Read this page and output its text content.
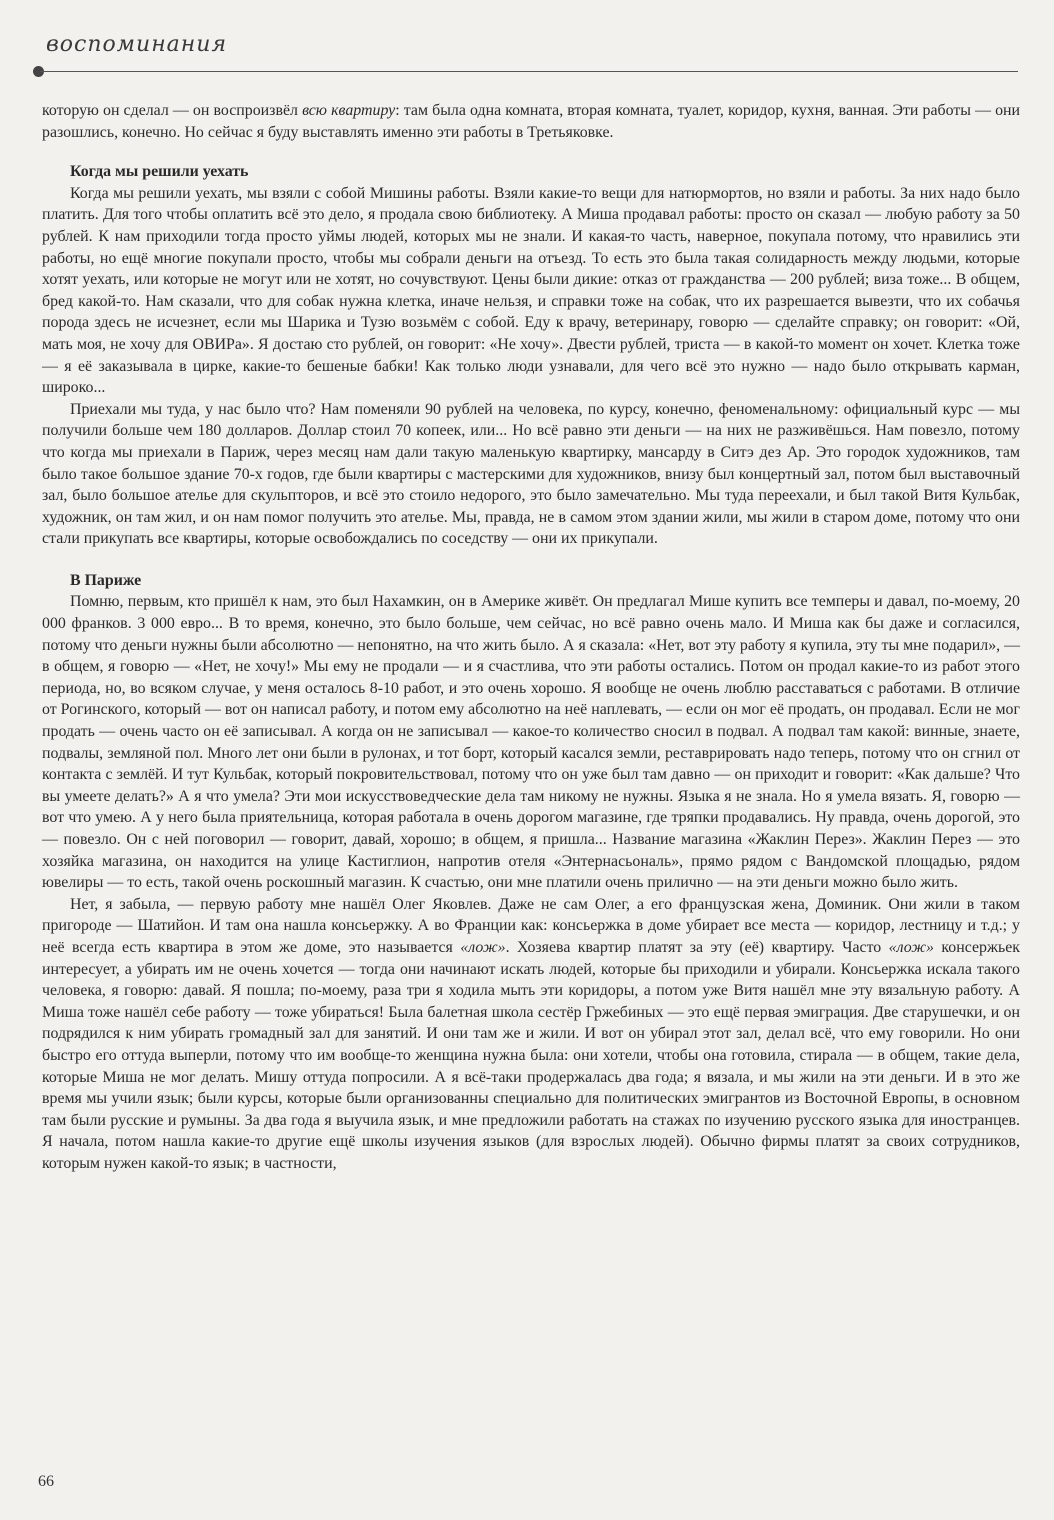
воспоминания

которую он сделал — он воспроизвёл всю квартиру: там была одна комната, вторая комната, туалет, коридор, кухня, ванная. Эти работы — они разошлись, конечно. Но сейчас я буду выставлять именно эти работы в Третьяковке.

Когда мы решили уехать

Когда мы решили уехать, мы взяли с собой Мишины работы. Взяли какие-то вещи для натюрмортов, но взяли и работы. За них надо было платить. Для того чтобы оплатить всё это дело, я продала свою библиотеку. А Миша продавал работы: просто он сказал — любую работу за 50 рублей. К нам приходили тогда просто уймы людей, которых мы не знали. И какая-то часть, наверное, покупала потому, что нравились эти работы, но ещё многие покупали просто, чтобы мы собрали деньги на отъезд. То есть это была такая солидарность между людьми, которые хотят уехать, или которые не могут или не хотят, но сочувствуют. Цены были дикие: отказ от гражданства — 200 рублей; виза тоже... В общем, бред какой-то. Нам сказали, что для собак нужна клетка, иначе нельзя, и справки тоже на собак, что их разрешается вывезти, что их собачья порода здесь не исчезнет, если мы Шарика и Тузю возьмём с собой. Еду к врачу, ветеринару, говорю — сделайте справку; он говорит: «Ой, мать моя, не хочу для ОВИРа». Я достаю сто рублей, он говорит: «Не хочу». Двести рублей, триста — в какой-то момент он хочет. Клетка тоже — я её заказывала в цирке, какие-то бешеные бабки! Как только люди узнавали, для чего всё это нужно — надо было открывать карман, широко...

Приехали мы туда, у нас было что? Нам поменяли 90 рублей на человека, по курсу, конечно, феноменальному: официальный курс — мы получили больше чем 180 долларов. Доллар стоил 70 копеек, или... Но всё равно эти деньги — на них не разживёшься. Нам повезло, потому что когда мы приехали в Париж, через месяц нам дали такую маленькую квартирку, мансарду в Ситэ дез Ар. Это городок художников, там было такое большое здание 70-х годов, где были квартиры с мастерскими для художников, внизу был концертный зал, потом был выставочный зал, было большое ателье для скульпторов, и всё это стоило недорого, это было замечательно. Мы туда переехали, и был такой Витя Кульбак, художник, он там жил, и он нам помог получить это ателье. Мы, правда, не в самом этом здании жили, мы жили в старом доме, потому что они стали прикупать все квартиры, которые освобождались по соседству — они их прикупали.

В Париже

Помню, первым, кто пришёл к нам, это был Нахамкин, он в Америке живёт. Он предлагал Мише купить все темперы и давал, по-моему, 20 000 франков. 3 000 евро... В то время, конечно, это было больше, чем сейчас, но всё равно очень мало. И Миша как бы даже и согласился, потому что деньги нужны были абсолютно — непонятно, на что жить было. А я сказала: «Нет, вот эту работу я купила, эту ты мне подарил», — в общем, я говорю — «Нет, не хочу!» Мы ему не продали — и я счастлива, что эти работы остались. Потом он продал какие-то из работ этого периода, но, во всяком случае, у меня осталось 8-10 работ, и это очень хорошо. Я вообще не очень люблю расставаться с работами. В отличие от Рогинского, который — вот он написал работу, и потом ему абсолютно на неё наплевать, — если он мог её продать, он продавал. Если не мог продать — очень часто он её записывал. А когда он не записывал — какое-то количество сносил в подвал. А подвал там какой: винные, знаете, подвалы, земляной пол. Много лет они были в рулонах, и тот борт, который касался земли, реставрировать надо теперь, потому что он сгнил от контакта с землёй. И тут Кульбак, который покровительствовал, потому что он уже был там давно — он приходит и говорит: «Как дальше? Что вы умеете делать?» А я что умела? Эти мои искусствоведческие дела там никому не нужны. Языка я не знала. Но я умела вязать. Я, говорю — вот что умею. А у него была приятельница, которая работала в очень дорогом магазине, где тряпки продавались. Ну правда, очень дорогой, это — повезло. Он с ней поговорил — говорит, давай, хорошо; в общем, я пришла... Название магазина «Жаклин Перез». Жаклин Перез — это хозяйка магазина, он находится на улице Кастиглион, напротив отеля «Энтернасьональ», прямо рядом с Вандомской площадью, рядом ювелиры — то есть, такой очень роскошный магазин. К счастью, они мне платили очень прилично — на эти деньги можно было жить.

Нет, я забыла, — первую работу мне нашёл Олег Яковлев. Даже не сам Олег, а его французская жена, Доминик. Они жили в таком пригороде — Шатийон. И там она нашла консьержку. А во Франции как: консьержка в доме убирает все места — коридор, лестницу и т.д.; у неё всегда есть квартира в этом же доме, это называется «лож». Хозяева квартир платят за эту (её) квартиру. Часто «лож» консержьек интересует, а убирать им не очень хочется — тогда они начинают искать людей, которые бы приходили и убирали. Консьержка искала такого человека, я говорю: давай. Я пошла; по-моему, раза три я ходила мыть эти коридоры, а потом уже Витя нашёл мне эту вязальную работу. А Миша тоже нашёл себе работу — тоже убираться! Была балетная школа сестёр Гржебиных — это ещё первая эмиграция. Две старушечки, и он подрядился к ним убирать громадный зал для занятий. И они там же и жили. И вот он убирал этот зал, делал всё, что ему говорили. Но они быстро его оттуда выперли, потому что им вообще-то женщина нужна была: они хотели, чтобы она готовила, стирала — в общем, такие дела, которые Миша не мог делать. Мишу оттуда попросили. А я всё-таки продержалась два года; я вязала, и мы жили на эти деньги. И в это же время мы учили язык; были курсы, которые были организованны специально для политических эмигрантов из Восточной Европы, в основном там были русские и румыны. За два года я выучила язык, и мне предложили работать на стажах по изучению русского языка для иностранцев. Я начала, потом нашла какие-то другие ещё школы изучения языков (для взрослых людей). Обычно фирмы платят за своих сотрудников, которым нужен какой-то язык; в частности,

66
